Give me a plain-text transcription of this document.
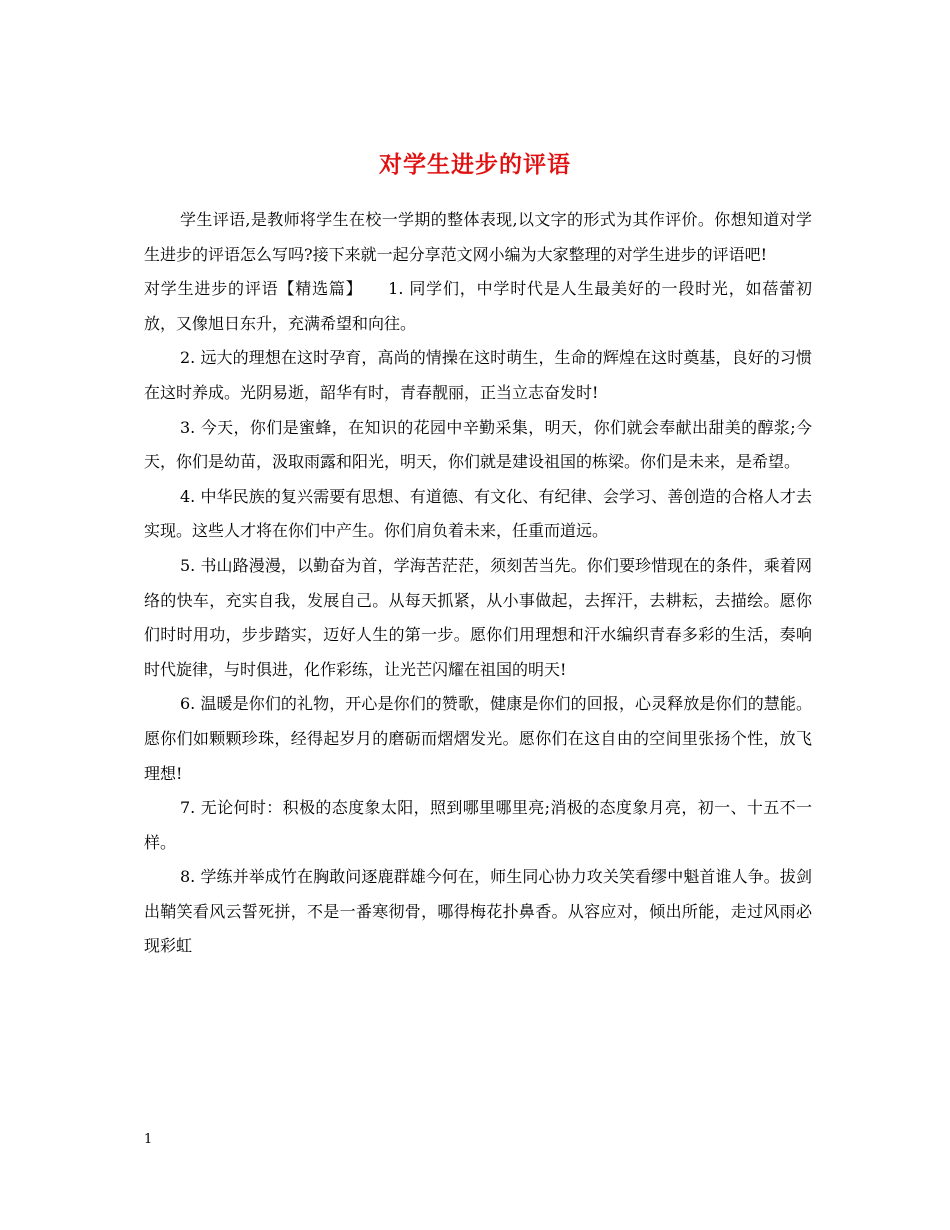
对学生进步的评语

学生评语,是教师将学生在校一学期的整体表现,以文字的形式为其作评价。你想知道对学生进步的评语怎么写吗?接下来就一起分享范文网小编为大家整理的对学生进步的评语吧!

对学生进步的评语【精选篇】　　1. 同学们，中学时代是人生最美好的一段时光，如蓓蕾初放，又像旭日东升，充满希望和向往。

2. 远大的理想在这时孕育，高尚的情操在这时萌生，生命的辉煌在这时奠基，良好的习惯在这时养成。光阴易逝，韶华有时，青春靓丽，正当立志奋发时!

3. 今天，你们是蜜蜂，在知识的花园中辛勤采集，明天，你们就会奉献出甜美的醇浆;今天，你们是幼苗，汲取雨露和阳光，明天，你们就是建设祖国的栋梁。你们是未来，是希望。

4. 中华民族的复兴需要有思想、有道德、有文化、有纪律、会学习、善创造的合格人才去实现。这些人才将在你们中产生。你们肩负着未来，任重而道远。

5. 书山路漫漫，以勤奋为首，学海苦茫茫，须刻苦当先。你们要珍惜现在的条件，乘着网络的快车，充实自我，发展自己。从每天抓紧，从小事做起，去挥汗，去耕耘，去描绘。愿你们时时用功，步步踏实，迈好人生的第一步。愿你们用理想和汗水编织青春多彩的生活，奏响时代旋律，与时俱进，化作彩练，让光芒闪耀在祖国的明天!

6. 温暖是你们的礼物，开心是你们的赞歌，健康是你们的回报，心灵释放是你们的慧能。愿你们如颗颗珍珠，经得起岁月的磨砺而熠熠发光。愿你们在这自由的空间里张扬个性，放飞理想!

7. 无论何时：积极的态度象太阳，照到哪里哪里亮;消极的态度象月亮，初一、十五不一样。

8. 学练并举成竹在胸敢问逐鹿群雄今何在，师生同心协力攻关笑看缪中魁首谁人争。拔剑出鞘笑看风云誓死拼，不是一番寒彻骨，哪得梅花扑鼻香。从容应对，倾出所能，走过风雨必现彩虹

1
